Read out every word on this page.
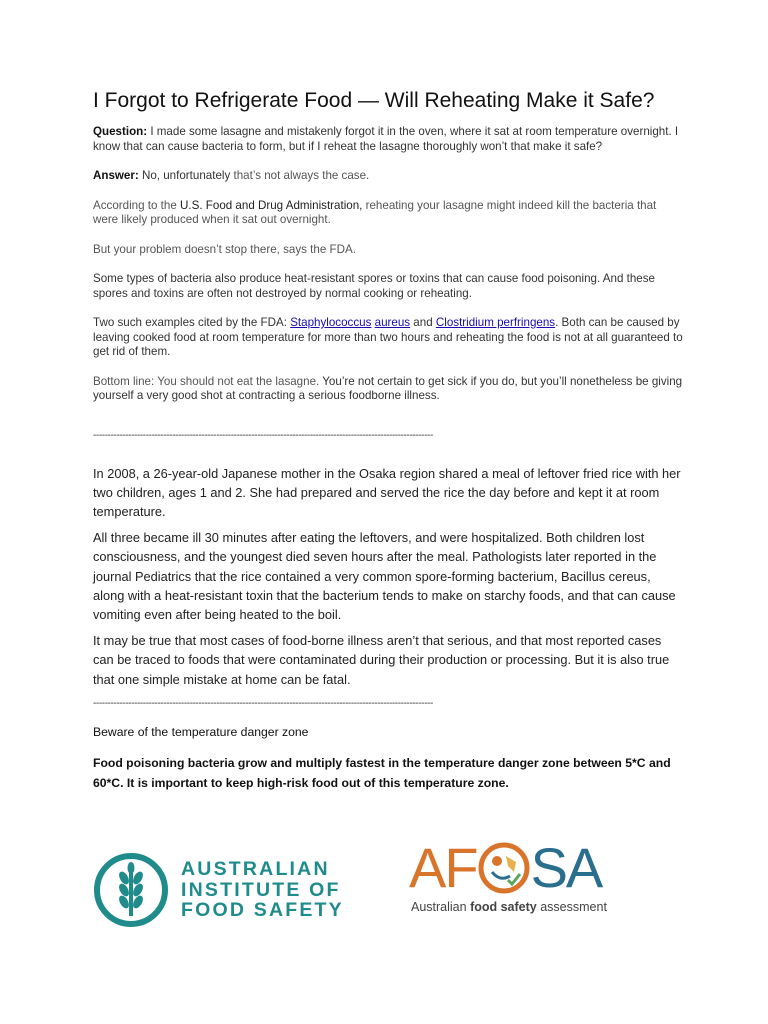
I Forgot to Refrigerate Food — Will Reheating Make it Safe?

Question: I made some lasagne and mistakenly forgot it in the oven, where it sat at room temperature overnight. I know that can cause bacteria to form, but if I reheat the lasagne thoroughly won’t that make it safe?

Answer: No, unfortunately that’s not always the case.

According to the U.S. Food and Drug Administration, reheating your lasagne might indeed kill the bacteria that were likely produced when it sat out overnight.

But your problem doesn’t stop there, says the FDA.

Some types of bacteria also produce heat-resistant spores or toxins that can cause food poisoning. And these spores and toxins are often not destroyed by normal cooking or reheating.

Two such examples cited by the FDA: Staphylococcus aureus and Clostridium perfringens. Both can be caused by leaving cooked food at room temperature for more than two hours and reheating the food is not at all guaranteed to get rid of them.

Bottom line: You should not eat the lasagne. You’re not certain to get sick if you do, but you’ll nonetheless be giving yourself a very good shot at contracting a serious foodborne illness.

--------------------------------------------------------------------------------------------------------------------

In 2008, a 26-year-old Japanese mother in the Osaka region shared a meal of leftover fried rice with her two children, ages 1 and 2. She had prepared and served the rice the day before and kept it at room temperature.

All three became ill 30 minutes after eating the leftovers, and were hospitalized. Both children lost consciousness, and the youngest died seven hours after the meal. Pathologists later reported in the journal Pediatrics that the rice contained a very common spore-forming bacterium, Bacillus cereus, along with a heat-resistant toxin that the bacterium tends to make on starchy foods, and that can cause vomiting even after being heated to the boil.

It may be true that most cases of food-borne illness aren’t that serious, and that most reported cases can be traced to foods that were contaminated during their production or processing. But it is also true that one simple mistake at home can be fatal.

--------------------------------------------------------------------------------------------------------------------

Beware of the temperature danger zone

Food poisoning bacteria grow and multiply fastest in the temperature danger zone between 5*C and 60*C. It is important to keep high-risk food out of this temperature zone.

AUSTRALIAN
INSTITUTE OF
FOOD SAFETY
AF SA
Australian food safety assessment
